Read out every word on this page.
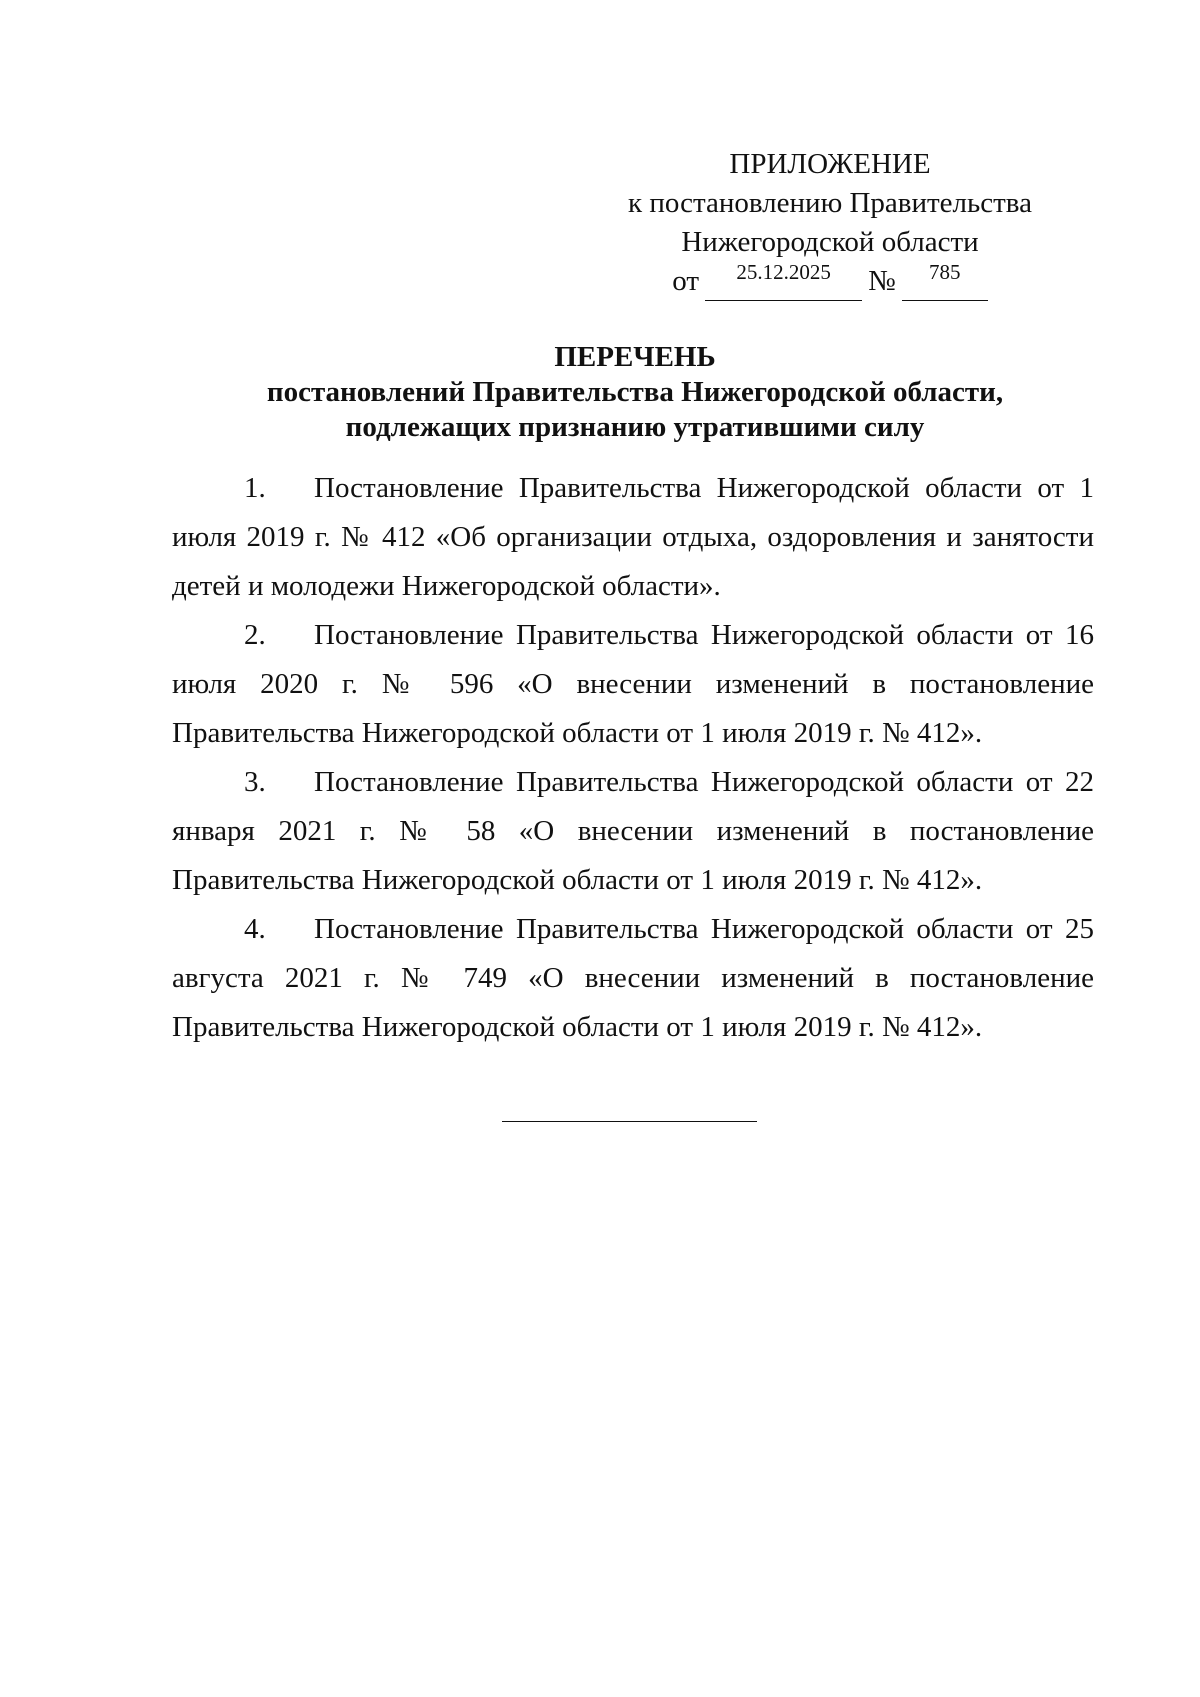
ПРИЛОЖЕНИЕ
к постановлению Правительства
Нижегородской области
от	25.12.2025	№	785
ПЕРЕЧЕНЬ
постановлений Правительства Нижегородской области,
подлежащих признанию утратившими силу

1. Постановление Правительства Нижегородской области от 1 июля 2019 г. № 412 «Об организации отдыха, оздоровления и занятости детей и молодежи Нижегородской области».

2. Постановление Правительства Нижегородской области от 16 июля 2020 г. № 596 «О внесении изменений в постановление Правительства Нижегородской области от 1 июля 2019 г. № 412».

3. Постановление Правительства Нижегородской области от 22 января 2021 г. № 58 «О внесении изменений в постановление Правительства Нижегородской области от 1 июля 2019 г. № 412».

4. Постановление Правительства Нижегородской области от 25 августа 2021 г. № 749 «О внесении изменений в постановление Правительства Нижегородской области от 1 июля 2019 г. № 412».
